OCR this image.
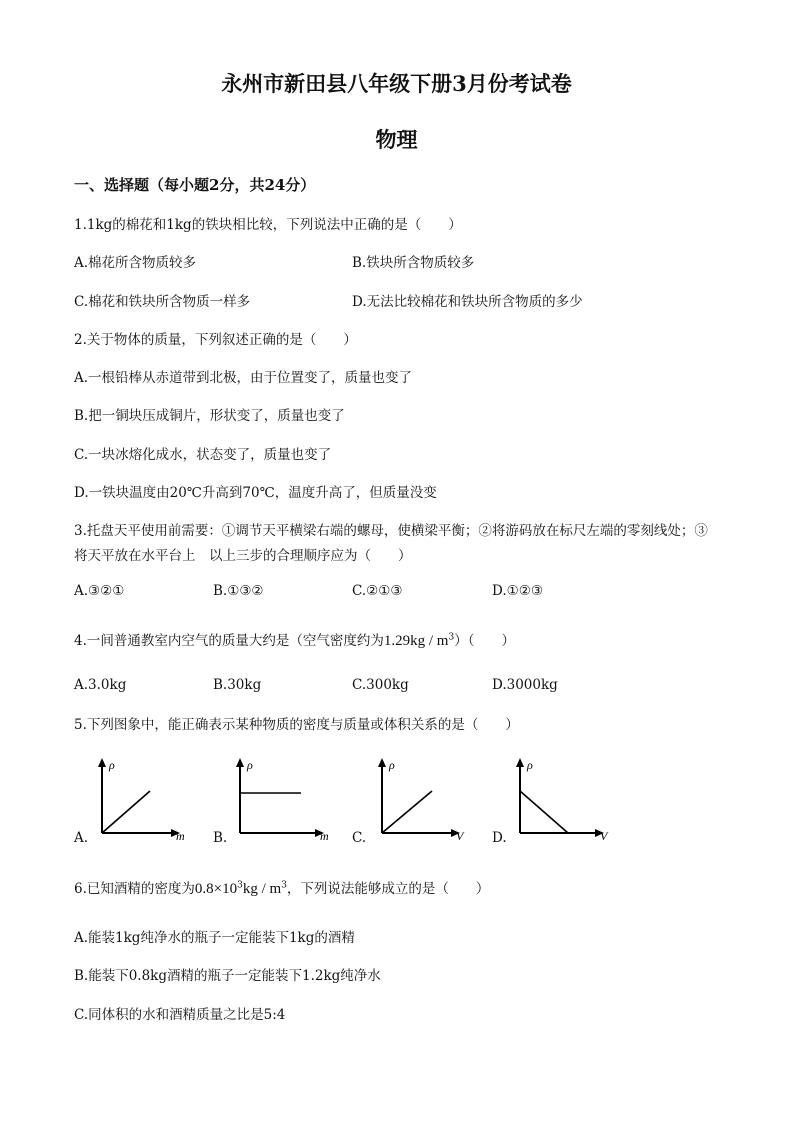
永州市新田县八年级下册3月份考试卷
物理
一、选择题（每小题2分，共24分）
1.1kg的棉花和1kg的铁块相比较，下列说法中正确的是（　　）
A.棉花所含物质较多	B.铁块所含物质较多
C.棉花和铁块所含物质一样多	D.无法比较棉花和铁块所含物质的多少
2.关于物体的质量，下列叙述正确的是（　　）
A.一根铅棒从赤道带到北极，由于位置变了，质量也变了
B.把一铜块压成铜片，形状变了，质量也变了
C.一块冰熔化成水，状态变了，质量也变了
D.一铁块温度由20℃升高到70℃，温度升高了，但质量没变
3.托盘天平使用前需要：①调节天平横梁右端的螺母，使横梁平衡；②将游码放在标尺左端的零刻线处；③
将天平放在水平台上　以上三步的合理顺序应为（　　）
A.③②①	B.①③②	C.②①③	D.①②③
4.一间普通教室内空气的质量大约是（空气密度约为$1.29kg / m^3$）（　　）
A.3.0kg	B.30kg	C.300kg	D.3000kg
5.下列图象中，能正确表示某种物质的密度与质量或体积关系的是（　　）
A.
ρ
m B.
ρ
m C.
ρ
V D.
ρ
V
6.已知酒精的密度为$0.8\times 10^3kg / m^3$，下列说法能够成立的是（　　）
A.能装1kg纯净水的瓶子一定能装下1kg的酒精
B.能装下0.8kg酒精的瓶子一定能装下1.2kg纯净水
C.同体积的水和酒精质量之比是5:4
